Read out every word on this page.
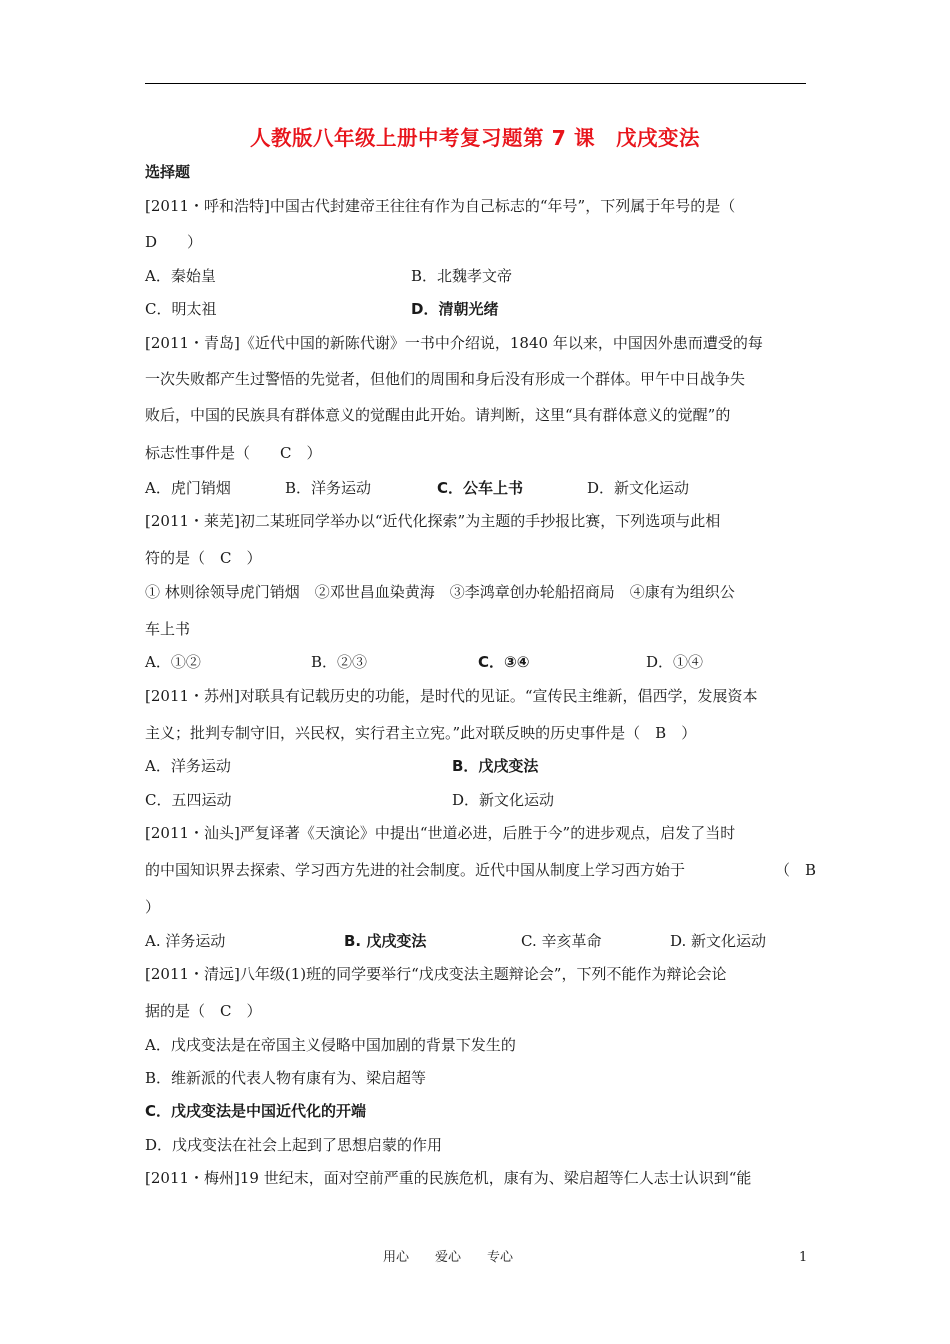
人教版八年级上册中考复习题第 7 课　戊戌变法
选择题
[2011・呼和浩特]中国古代封建帝王往往有作为自己标志的“年号”，下列属于年号的是（
D　　）
A．秦始皇	B．北魏孝文帝
C．明太祖	D．清朝光绪
[2011・青岛]《近代中国的新陈代谢》一书中介绍说，1840 年以来，中国因外患而遭受的每
一次失败都产生过警悟的先觉者，但他们的周围和身后没有形成一个群体。甲午中日战争失
败后，中国的民族具有群体意义的觉醒由此开始。请判断，这里“具有群体意义的觉醒”的
标志性事件是（　　C　）
A．虎门销烟	B．洋务运动	C．公车上书	D．新文化运动
[2011・莱芜]初二某班同学举办以“近代化探索”为主题的手抄报比赛，下列选项与此相
符的是（　C　）
① 林则徐领导虎门销烟　②邓世昌血染黄海　③李鸿章创办轮船招商局　④康有为组织公
车上书
A．①②	B．②③	C．③④	D．①④
[2011・苏州]对联具有记载历史的功能，是时代的见证。“宣传民主维新，倡西学，发展资本
主义；批判专制守旧，兴民权，实行君主立宪。”此对联反映的历史事件是（　B　）
A．洋务运动	B．戊戌变法
C．五四运动	D．新文化运动
[2011・汕头]严复译著《天演论》中提出“世道必进，后胜于今”的进步观点，启发了当时
的中国知识界去探索、学习西方先进的社会制度。近代中国从制度上学习西方始于	（　B
）
A. 洋务运动	B. 戊戌变法	C. 辛亥革命	D. 新文化运动
[2011・清远]八年级(1)班的同学要举行“戊戌变法主题辩论会”，下列不能作为辩论会论
据的是（　C　）
A．戊戌变法是在帝国主义侵略中国加剧的背景下发生的
B．维新派的代表人物有康有为、梁启超等
C．戊戌变法是中国近代化的开端
D．戊戌变法在社会上起到了思想启蒙的作用
[2011・梅州]19 世纪末，面对空前严重的民族危机，康有为、梁启超等仁人志士认识到“能
用心　　爱心　　专心	1
